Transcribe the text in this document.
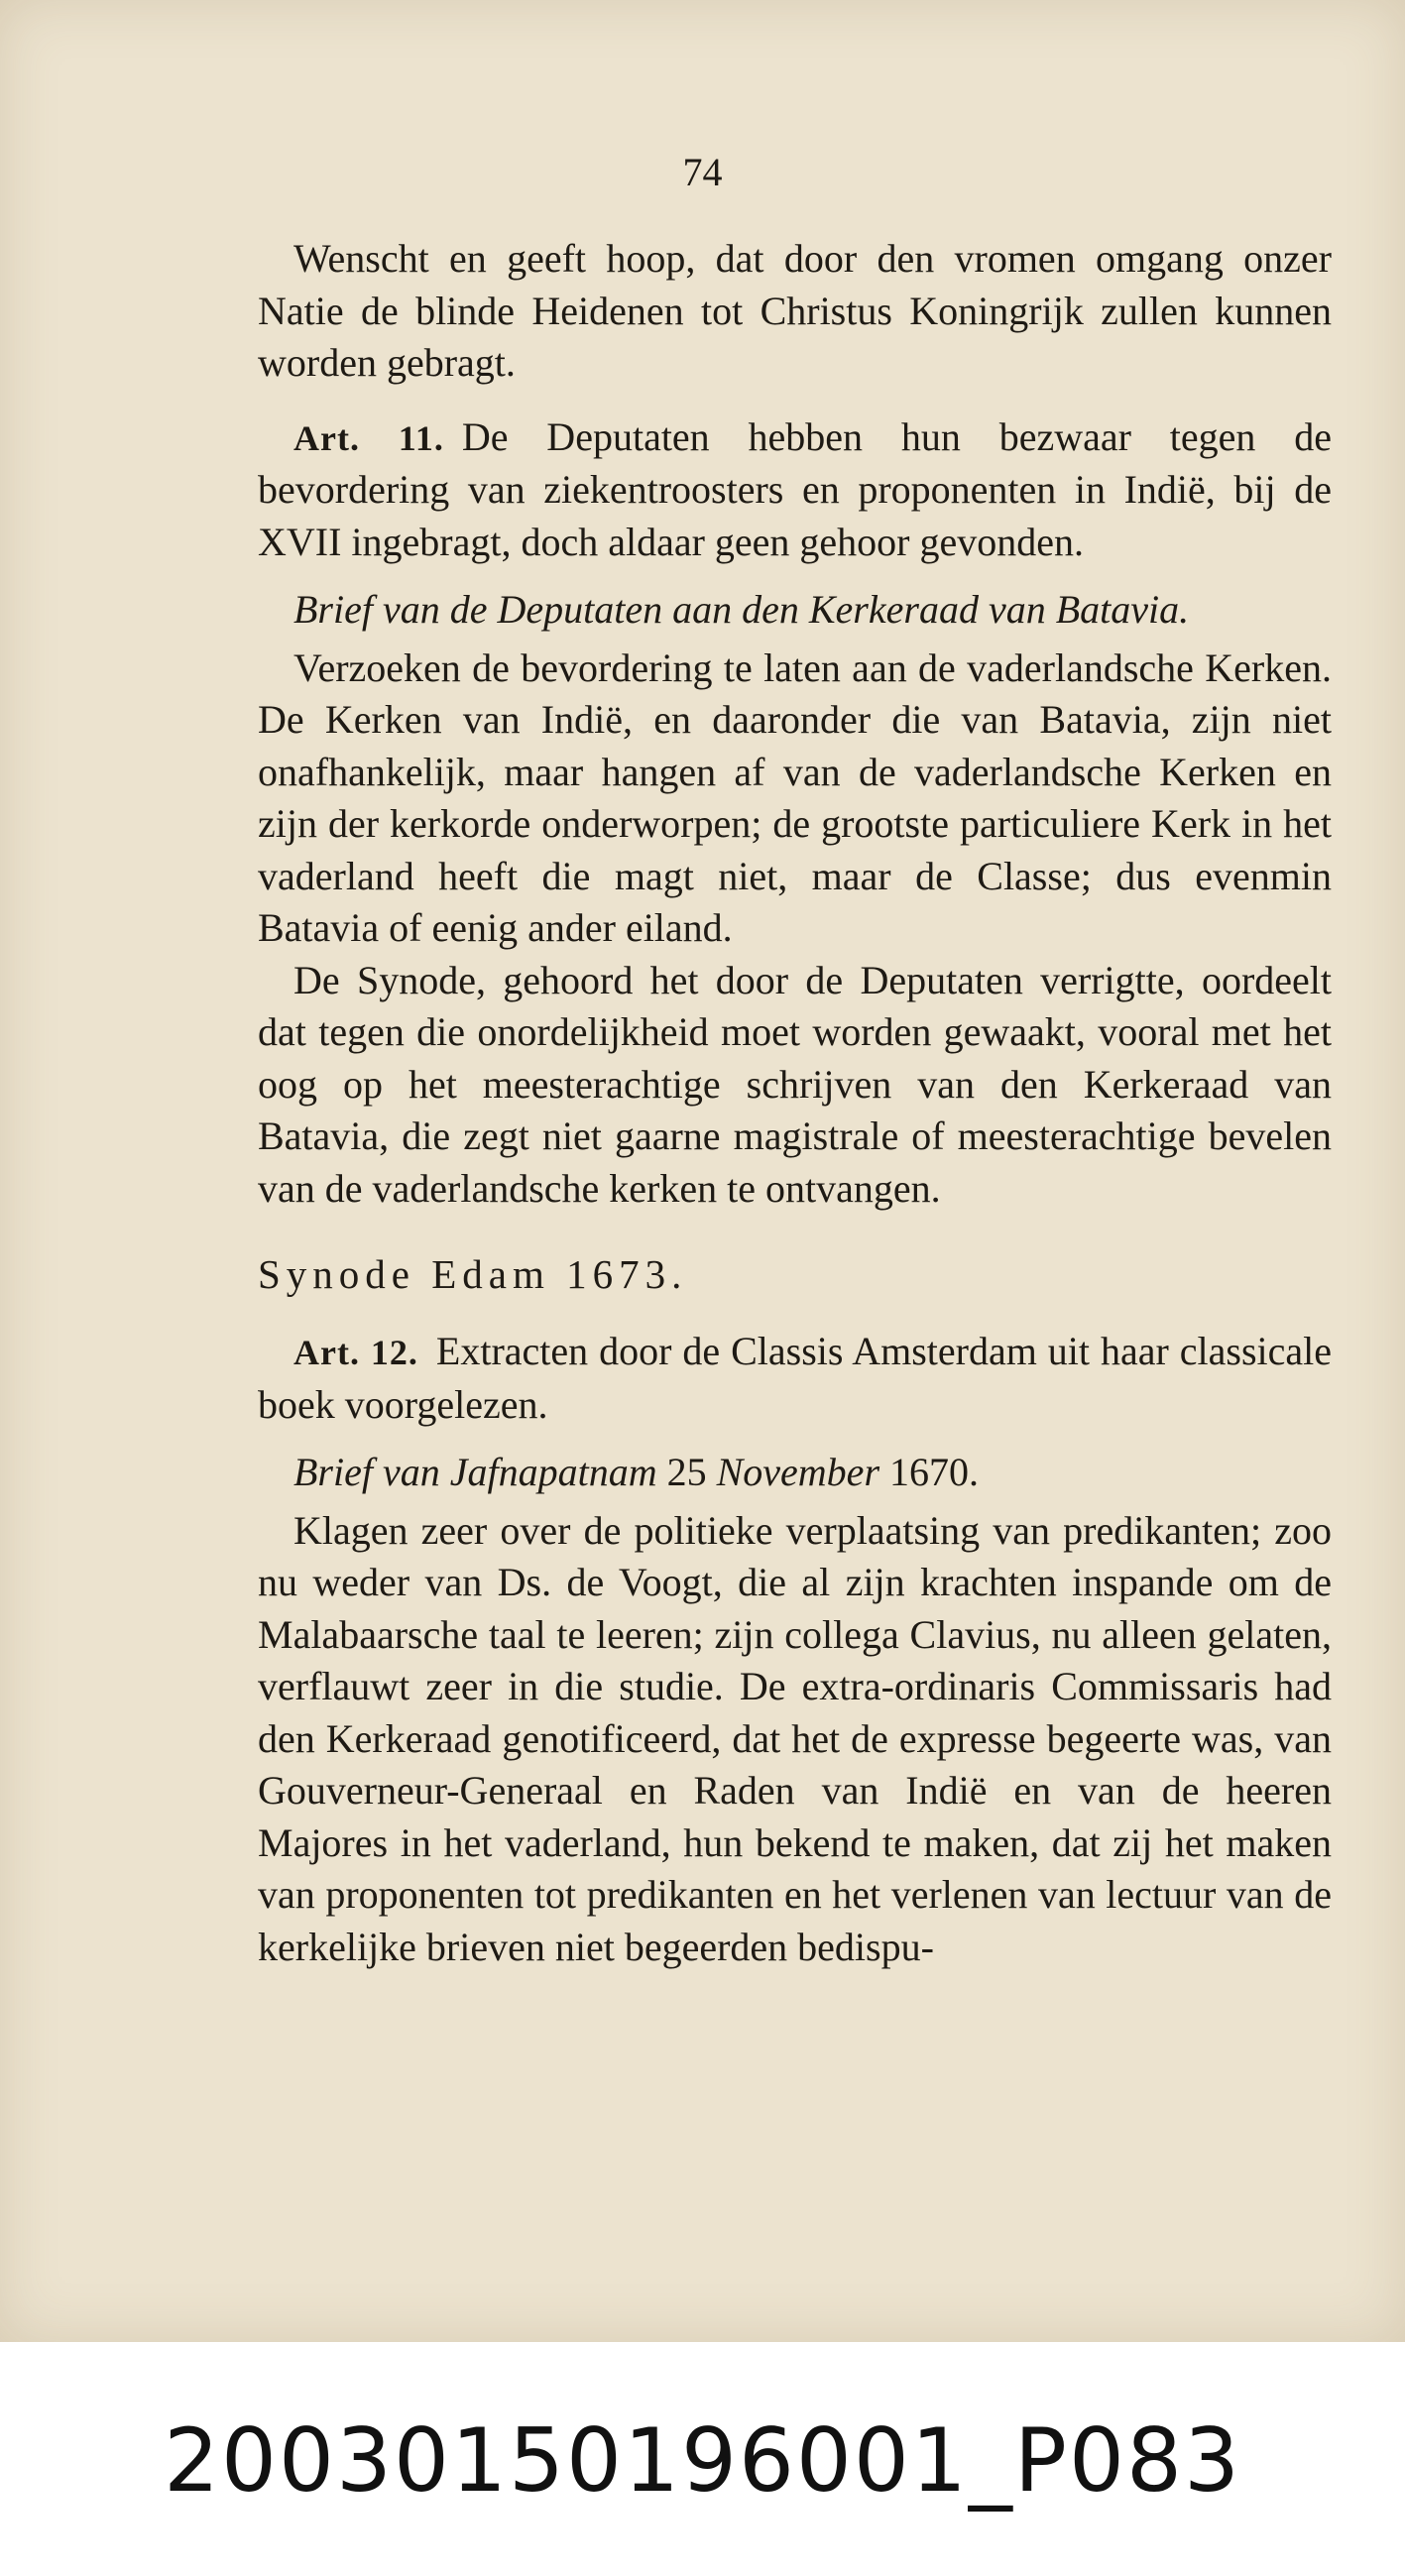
74

Wenscht en geeft hoop, dat door den vromen omgang onzer Natie de blinde Heidenen tot Christus Koningrijk zullen kunnen worden gebragt.

Art. 11. De Deputaten hebben hun bezwaar tegen de bevordering van ziekentroosters en proponenten in Indië, bij de XVII ingebragt, doch aldaar geen gehoor gevonden.

Brief van de Deputaten aan den Kerkeraad van Batavia.

Verzoeken de bevordering te laten aan de vaderlandsche Kerken. De Kerken van Indië, en daaronder die van Batavia, zijn niet onafhankelijk, maar hangen af van de vaderlandsche Kerken en zijn der kerkorde onderworpen; de grootste particuliere Kerk in het vaderland heeft die magt niet, maar de Classe; dus evenmin Batavia of eenig ander eiland.

De Synode, gehoord het door de Deputaten verrigtte, oordeelt dat tegen die onordelijkheid moet worden gewaakt, vooral met het oog op het meesterachtige schrijven van den Kerkeraad van Batavia, die zegt niet gaarne magistrale of meesterachtige bevelen van de vaderlandsche kerken te ontvangen.

Synode Edam 1673.

Art. 12. Extracten door de Classis Amsterdam uit haar classicale boek voorgelezen.

Brief van Jafnapatnam 25 November 1670.

Klagen zeer over de politieke verplaatsing van predikanten; zoo nu weder van Ds. de Voogt, die al zijn krachten inspande om de Malabaarsche taal te leeren; zijn collega Clavius, nu alleen gelaten, verflauwt zeer in die studie. De extra-ordinaris Commissaris had den Kerkeraad genotificeerd, dat het de expresse begeerte was, van Gouverneur-Generaal en Raden van Indië en van de heeren Majores in het vaderland, hun bekend te maken, dat zij het maken van proponenten tot predikanten en het verlenen van lectuur van de kerkelijke brieven niet begeerden bedispu-

20030150196001_P083
